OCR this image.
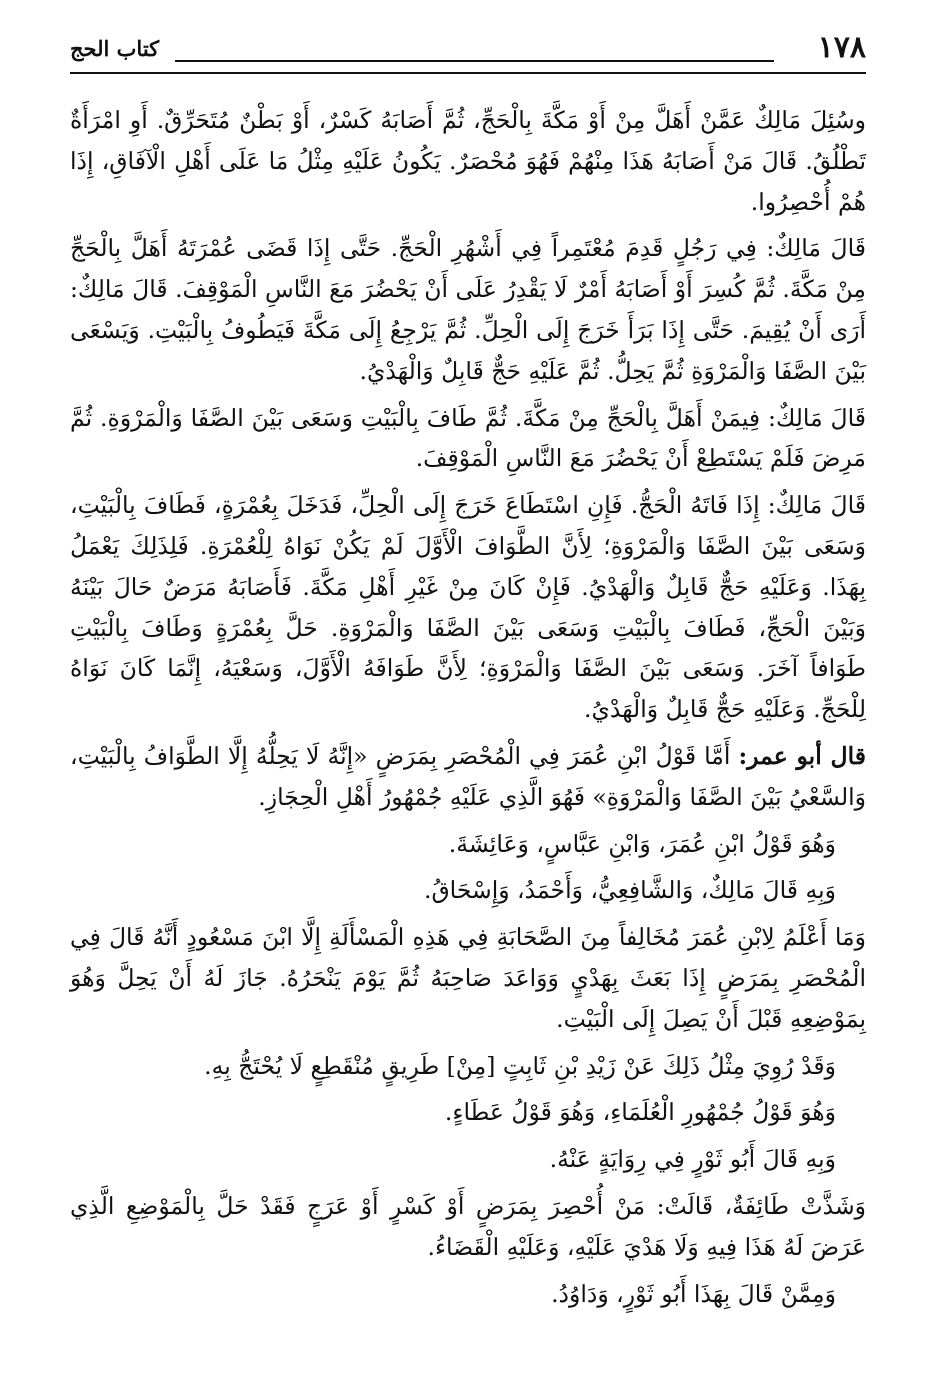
١٧٨
كتاب الحج

وسُئِلَ مَالِكٌ عَمَّنْ أَهَلَّ مِنْ أَوْ مَكَّةَ بِالْحَجِّ، ثُمَّ أَصَابَهُ كَسْرٌ، أَوْ بَطْنٌ مُتَحَرِّقٌ. أَوِ امْرَأَةٌ تَطْلُقُ. قَالَ مَنْ أَصَابَهُ هَذَا مِنْهُمْ فَهُوَ مُحْصَرٌ. يَكُونُ عَلَيْهِ مِثْلُ مَا عَلَى أَهْلِ الْآفَاقِ، إِذَا هُمْ أُحْصِرُوا.

قَالَ مَالِكٌ: فِي رَجُلٍ قَدِمَ مُعْتَمِراً فِي أَشْهُرِ الْحَجِّ. حَتَّى إِذَا قَضَى عُمْرَتَهُ أَهَلَّ بِالْحَجِّ مِنْ مَكَّةَ. ثُمَّ كُسِرَ أَوْ أَصَابَهُ أَمْرٌ لَا يَقْدِرُ عَلَى أَنْ يَحْضُرَ مَعَ النَّاسِ الْمَوْقِفَ. قَالَ مَالِكٌ: أَرَى أَنْ يُقِيمَ. حَتَّى إِذَا بَرَأَ خَرَجَ إِلَى الْحِلِّ. ثُمَّ يَرْجِعُ إِلَى مَكَّةَ فَيَطُوفُ بِالْبَيْتِ. وَيَسْعَى بَيْنَ الصَّفَا وَالْمَرْوَةِ ثُمَّ يَحِلُّ. ثُمَّ عَلَيْهِ حَجٌّ قَابِلٌ وَالْهَدْيُ.

قَالَ مَالِكٌ: فِيمَنْ أَهَلَّ بِالْحَجِّ مِنْ مَكَّةَ. ثُمَّ طَافَ بِالْبَيْتِ وَسَعَى بَيْنَ الصَّفَا وَالْمَرْوَةِ. ثُمَّ مَرِضَ فَلَمْ يَسْتَطِعْ أَنْ يَحْضُرَ مَعَ النَّاسِ الْمَوْقِفَ.

قَالَ مَالِكٌ: إِذَا فَاتَهُ الْحَجُّ. فَإِنِ اسْتَطَاعَ خَرَجَ إِلَى الْحِلِّ، فَدَخَلَ بِعُمْرَةٍ، فَطَافَ بِالْبَيْتِ، وَسَعَى بَيْنَ الصَّفَا وَالْمَرْوَةِ؛ لِأَنَّ الطَّوَافَ الْأَوَّلَ لَمْ يَكُنْ نَوَاهُ لِلْعُمْرَةِ. فَلِذَلِكَ يَعْمَلُ بِهَذَا. وَعَلَيْهِ حَجٌّ قَابِلٌ وَالْهَدْيُ. فَإِنْ كَانَ مِنْ غَيْرِ أَهْلِ مَكَّةَ. فَأَصَابَهُ مَرَضٌ حَالَ بَيْنَهُ وَبَيْنَ الْحَجِّ، فَطَافَ بِالْبَيْتِ وَسَعَى بَيْنَ الصَّفَا وَالْمَرْوَةِ. حَلَّ بِعُمْرَةٍ وَطَافَ بِالْبَيْتِ طَوَافاً آخَرَ. وَسَعَى بَيْنَ الصَّفَا وَالْمَرْوَةِ؛ لِأَنَّ طَوَافَهُ الْأَوَّلَ، وَسَعْيَهُ، إِنَّمَا كَانَ نَوَاهُ لِلْحَجِّ. وَعَلَيْهِ حَجٌّ قَابِلٌ وَالْهَدْيُ.

قال أبو عمر: أَمَّا قَوْلُ ابْنِ عُمَرَ فِي الْمُحْصَرِ بِمَرَضٍ «إِنَّهُ لَا يَحِلُّهُ إِلَّا الطَّوَافُ بِالْبَيْتِ، وَالسَّعْيُ بَيْنَ الصَّفَا وَالْمَرْوَةِ» فَهُوَ الَّذِي عَلَيْهِ جُمْهُورُ أَهْلِ الْحِجَازِ.

وَهُوَ قَوْلُ ابْنِ عُمَرَ، وَابْنِ عَبَّاسٍ، وَعَائِشَةَ.

وَبِهِ قَالَ مَالِكٌ، وَالشَّافِعِيُّ، وَأَحْمَدُ، وَإِسْحَاقُ.

وَمَا أَعْلَمُ لِابْنِ عُمَرَ مُخَالِفاً مِنَ الصَّحَابَةِ فِي هَذِهِ الْمَسْأَلَةِ إِلَّا ابْنَ مَسْعُودٍ أَنَّهُ قَالَ فِي الْمُحْصَرِ بِمَرَضٍ إِذَا بَعَثَ بِهَدْيٍ وَوَاعَدَ صَاحِبَهُ ثُمَّ يَوْمَ يَنْحَرُهُ. جَازَ لَهُ أَنْ يَحِلَّ وَهُوَ بِمَوْضِعِهِ قَبْلَ أَنْ يَصِلَ إِلَى الْبَيْتِ.

وَقَدْ رُوِيَ مِثْلُ ذَلِكَ عَنْ زَيْدِ بْنِ ثَابِتٍ [مِنْ] طَرِيقٍ مُنْقَطِعٍ لَا يُحْتَجُّ بِهِ.

وَهُوَ قَوْلُ جُمْهُورِ الْعُلَمَاءِ، وَهُوَ قَوْلُ عَطَاءٍ.

وَبِهِ قَالَ أَبُو ثَوْرٍ فِي رِوَايَةٍ عَنْهُ.

وَشَذَّتْ طَائِفَةٌ، قَالَتْ: مَنْ أُحْصِرَ بِمَرَضٍ أَوْ كَسْرٍ أَوْ عَرَجٍ فَقَدْ حَلَّ بِالْمَوْضِعِ الَّذِي عَرَضَ لَهُ هَذَا فِيهِ وَلَا هَدْيَ عَلَيْهِ، وَعَلَيْهِ الْقَضَاءُ.

وَمِمَّنْ قَالَ بِهَذَا أَبُو ثَوْرٍ، وَدَاوُدُ.
